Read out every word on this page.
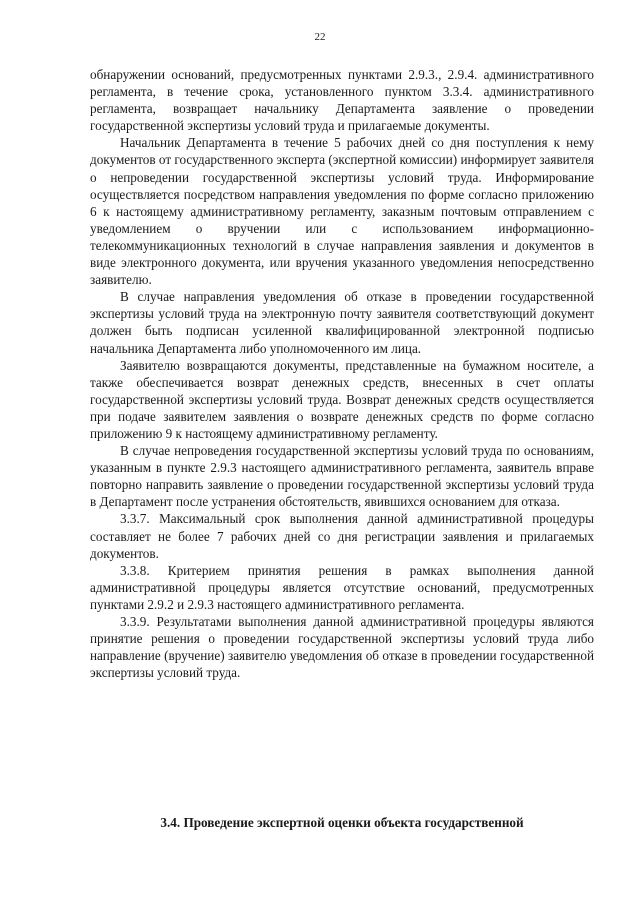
22

обнаружении оснований, предусмотренных пунктами 2.9.3., 2.9.4. административного регламента, в течение срока, установленного пунктом 3.3.4. административного регламента, возвращает начальнику Департамента заявление о проведении государственной экспертизы условий труда и прилагаемые документы.

Начальник Департамента в течение 5 рабочих дней со дня поступления к нему документов от государственного эксперта (экспертной комиссии) информирует заявителя о непроведении государственной экспертизы условий труда. Информирование осуществляется посредством направления уведомления по форме согласно приложению 6 к настоящему административному регламенту, заказным почтовым отправлением с уведомлением о вручении или с использованием информационно-телекоммуникационных технологий в случае направления заявления и документов в виде электронного документа, или вручения указанного уведомления непосредственно заявителю.

В случае направления уведомления об отказе в проведении государственной экспертизы условий труда на электронную почту заявителя соответствующий документ должен быть подписан усиленной квалифицированной электронной подписью начальника Департамента либо уполномоченного им лица.

Заявителю возвращаются документы, представленные на бумажном носителе, а также обеспечивается возврат денежных средств, внесенных в счет оплаты государственной экспертизы условий труда. Возврат денежных средств осуществляется при подаче заявителем заявления о возврате денежных средств по форме согласно приложению 9 к настоящему административному регламенту.

В случае непроведения государственной экспертизы условий труда по основаниям, указанным в пункте 2.9.3 настоящего административного регламента, заявитель вправе повторно направить заявление о проведении государственной экспертизы условий труда в Департамент после устранения обстоятельств, явившихся основанием для отказа.

3.3.7. Максимальный срок выполнения данной административной процедуры составляет не более 7 рабочих дней со дня регистрации заявления и прилагаемых документов.

3.3.8. Критерием принятия решения в рамках выполнения данной административной процедуры является отсутствие оснований, предусмотренных пунктами 2.9.2 и 2.9.3 настоящего административного регламента.

3.3.9. Результатами выполнения данной административной процедуры являются принятие решения о проведении государственной экспертизы условий труда либо направление (вручение) заявителю уведомления об отказе в проведении государственной экспертизы условий труда.

3.4. Проведение экспертной оценки объекта государственной
